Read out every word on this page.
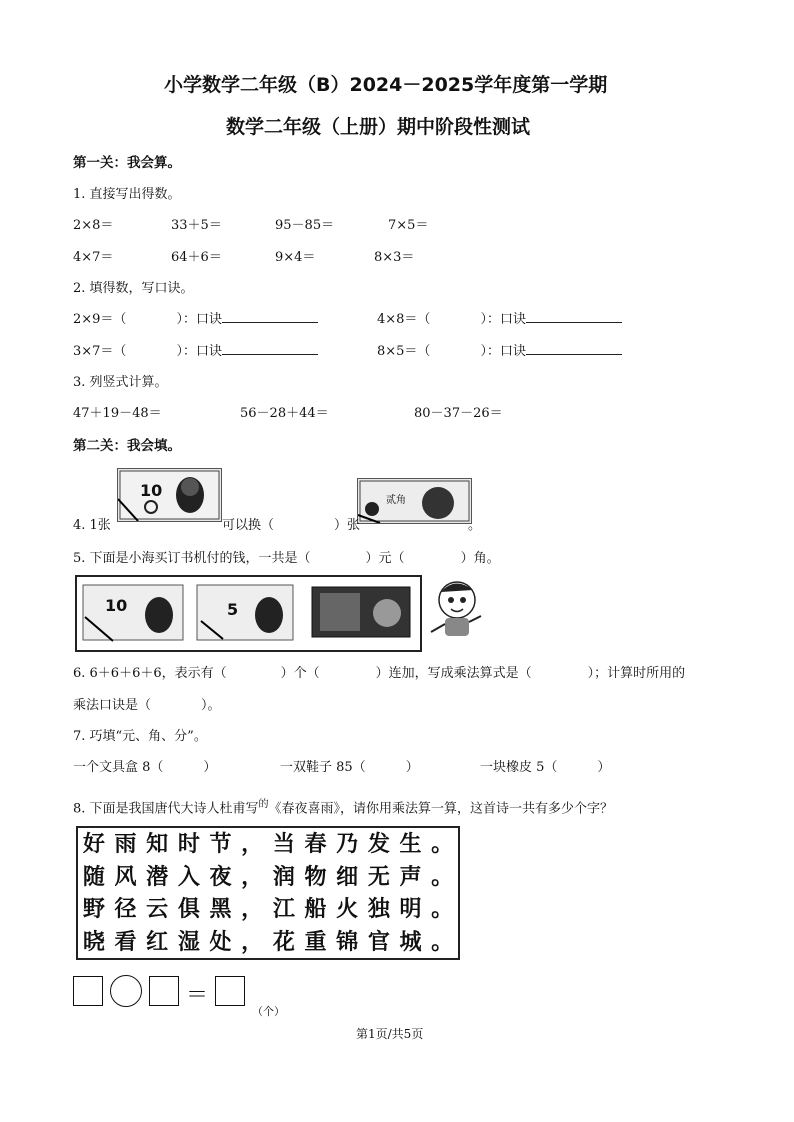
小学数学二年级（B）2024－2025学年度第一学期
数学二年级（上册）期中阶段性测试
第一关：我会算。
1. 直接写出得数。
2×8＝	33＋5＝	95－85＝	7×5＝
4×7＝	64＋6＝	9×4＝	8×3＝
2. 填得数，写口诀。
2×9＝（	）：口诀	4×8＝（	）：口诀
3×7＝（	）：口诀	8×5＝（	）：口诀
3. 列竖式计算。
47＋19－48＝	56－28＋44＝	80－37－26＝
第二关：我会填。
10
贰角
4. 1张	可以换（	）张	。
5. 下面是小海买订书机付的钱，一共是（	）元（	）角。
10	5
6. 6＋6＋6＋6，表示有（	）个（	）连加，写成乘法算式是（	）；计算时所用的
乘法口诀是（	）。
7. 巧填“元、角、分”。
一个文具盒 8（	）	一双鞋子 85（	）	一块橡皮 5（	）
8. 下面是我国唐代大诗人杜甫写$^的$《春夜喜雨》，请你用乘法算一算，这首诗一共有多少个字？
好 雨 知 时 节 ， 当 春 乃 发 生 。
随 风 潜 入 夜 ， 润 物 细 无 声 。
野 径 云 俱 黑 ， 江 船 火 独 明 。
晓 看 红 湿 处 ， 花 重 锦 官 城 。
＝
（个）
第1页/共5页
